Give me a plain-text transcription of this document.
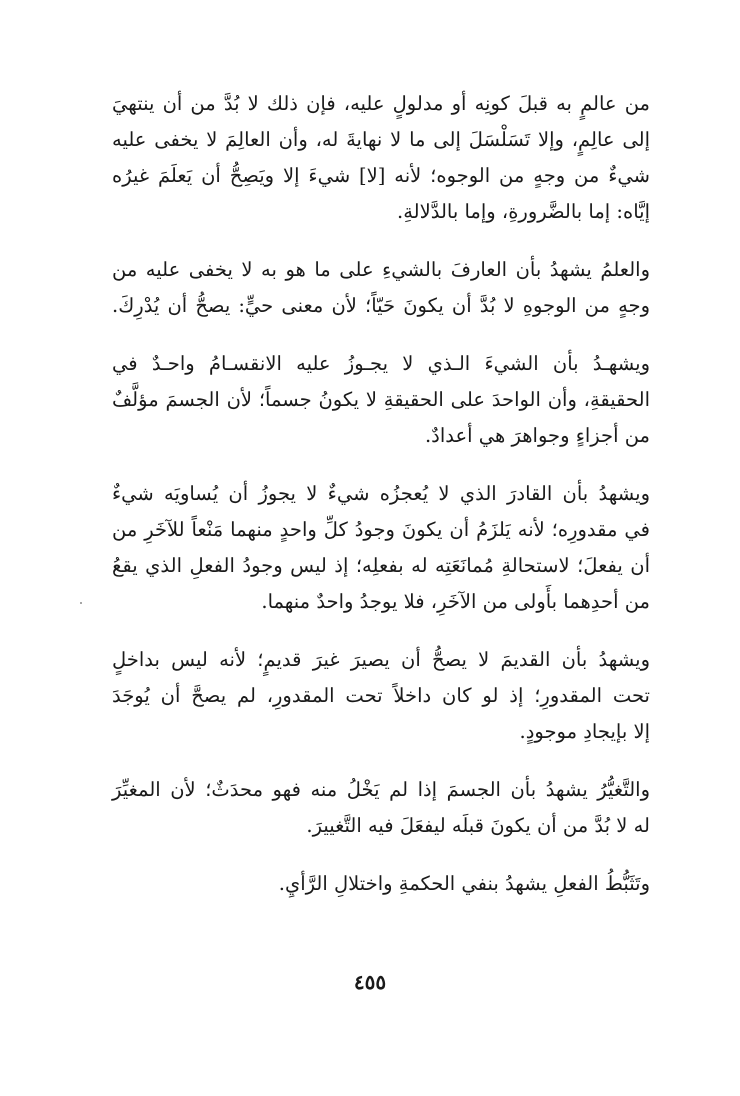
من عالمٍ به قبلَ كونِه أو مدلولٍ عليه، فإن ذلك لا بُدَّ من أن ينتهيَ
إلى عالِمٍ، وإلا تَسَلْسَلَ إلى ما لا نهايةَ له، وأن العالِمَ لا يخفى عليه
شيءٌ من وجهٍ من الوجوه؛ لأنه [لا] شيءَ إلا ويَصِحُّ أن يَعلَمَ غيرُه
إيَّاه: إما بالضَّرورةِ، وإما بالدَّلالةِ.

والعلمُ يشهدُ بأن العارفَ بالشيءِ على ما هو به لا يخفى عليه من
وجهٍ من الوجوهِ لا بُدَّ أن يكونَ حَيّاً؛ لأن معنى حيٍّ: يصحُّ أن يُدْرِكَ.

ويشهـدُ بأن الشيءَ الـذي لا يجـوزُ عليه الانقسـامُ واحـدٌ في
الحقيقةِ، وأن الواحدَ على الحقيقةِ لا يكونُ جسماً؛ لأن الجسمَ مؤلَّفٌ
من أجزاءٍ وجواهرَ هي أعدادٌ.

ويشهدُ بأن القادرَ الذي لا يُعجزُه شيءٌ لا يجوزُ أن يُساويَه شيءٌ
في مقدورِه؛ لأنه يَلزَمُ أن يكونَ وجودُ كلِّ واحدٍ منهما مَنْعاً للآخَرِ من
أن يفعلَ؛ لاستحالةِ مُمانَعَتِه له بفعلِه؛ إذ ليس وجودُ الفعلِ الذي يقعُ
من أحدِهما بأَولى من الآخَرِ، فلا يوجدُ واحدٌ منهما.

ويشهدُ بأن القديمَ لا يصحُّ أن يصيرَ غيرَ قديمٍ؛ لأنه ليس بداخلٍ
تحت المقدورِ؛ إذ لو كان داخلاً تحت المقدورِ، لم يصحَّ أن يُوجَدَ
إلا بإيجادِ موجودٍ.

والتَّغيُّرُ يشهدُ بأن الجسمَ إذا لم يَخْلُ منه فهو محدَثٌ؛ لأن المغيِّرَ
له لا بُدَّ من أن يكونَ قبلَه ليفعَلَ فيه التَّغييرَ.

وتَثَبُّطُ الفعلِ يشهدُ بنفي الحكمةِ واختلالِ الرَّأيِ.

٤٥٥
